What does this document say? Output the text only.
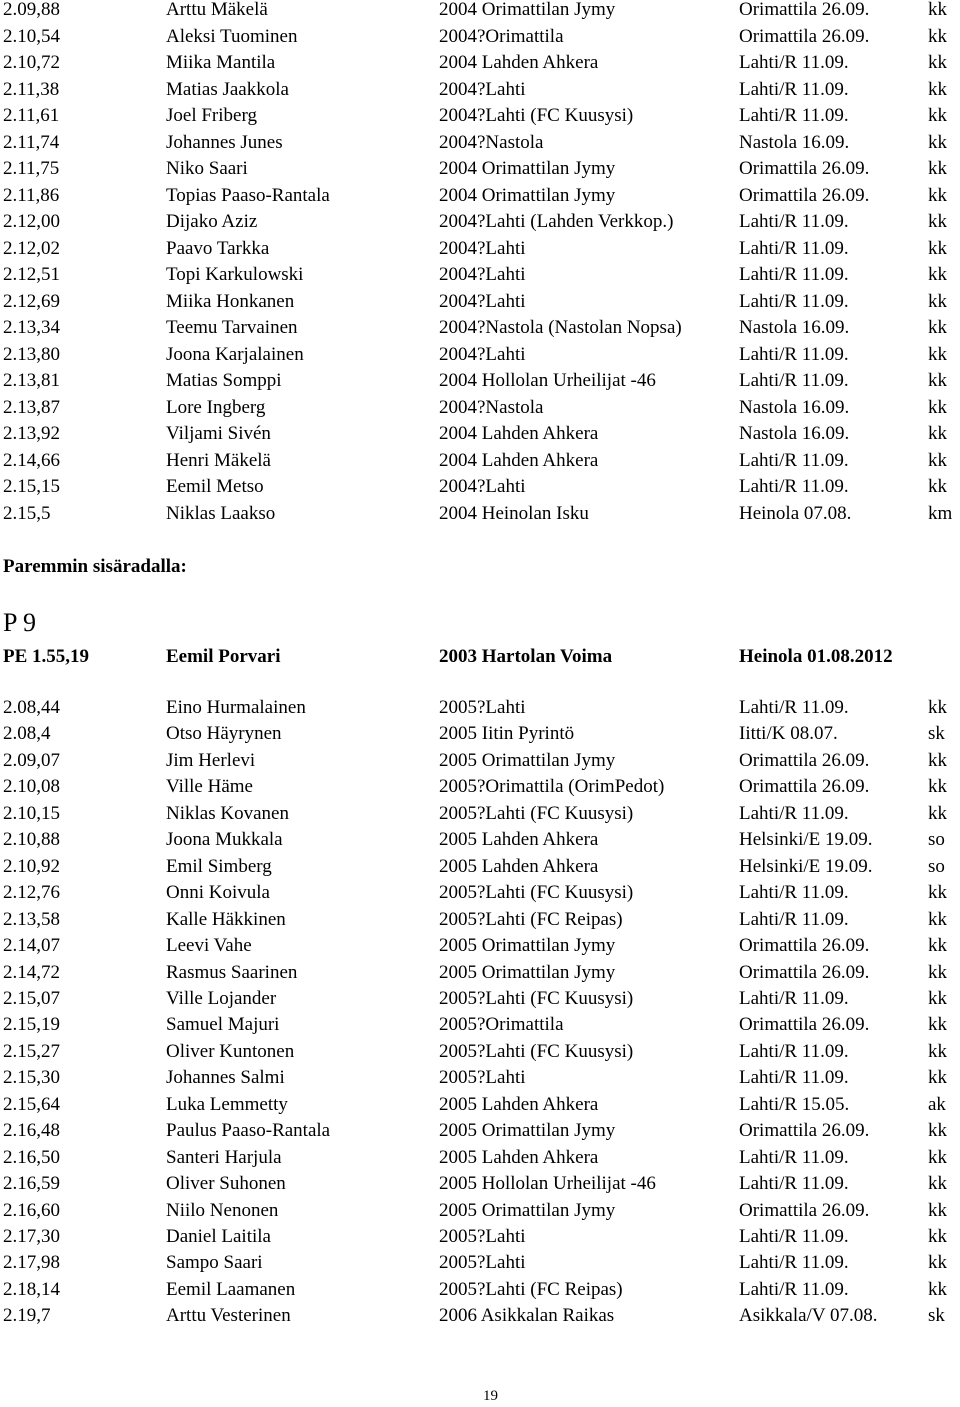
2.09,88	Arttu Mäkelä	2004 Orimattilan Jymy	Orimattila 26.09.	kk
2.10,54	Aleksi Tuominen	2004?Orimattila	Orimattila 26.09.	kk
2.10,72	Miika Mantila	2004 Lahden Ahkera	Lahti/R 11.09.	kk
2.11,38	Matias Jaakkola	2004?Lahti	Lahti/R 11.09.	kk
2.11,61	Joel Friberg	2004?Lahti (FC Kuusysi)	Lahti/R 11.09.	kk
2.11,74	Johannes Junes	2004?Nastola	Nastola 16.09.	kk
2.11,75	Niko Saari	2004 Orimattilan Jymy	Orimattila 26.09.	kk
2.11,86	Topias Paaso-Rantala	2004 Orimattilan Jymy	Orimattila 26.09.	kk
2.12,00	Dijako Aziz	2004?Lahti (Lahden Verkkop.)	Lahti/R 11.09.	kk
2.12,02	Paavo Tarkka	2004?Lahti	Lahti/R 11.09.	kk
2.12,51	Topi Karkulowski	2004?Lahti	Lahti/R 11.09.	kk
2.12,69	Miika Honkanen	2004?Lahti	Lahti/R 11.09.	kk
2.13,34	Teemu Tarvainen	2004?Nastola (Nastolan Nopsa)	Nastola 16.09.	kk
2.13,80	Joona Karjalainen	2004?Lahti	Lahti/R 11.09.	kk
2.13,81	Matias Somppi	2004 Hollolan Urheilijat -46	Lahti/R 11.09.	kk
2.13,87	Lore Ingberg	2004?Nastola	Nastola 16.09.	kk
2.13,92	Viljami Sivén	2004 Lahden Ahkera	Nastola 16.09.	kk
2.14,66	Henri Mäkelä	2004 Lahden Ahkera	Lahti/R 11.09.	kk
2.15,15	Eemil Metso	2004?Lahti	Lahti/R 11.09.	kk
2.15,5	Niklas Laakso	2004 Heinolan Isku	Heinola 07.08.	km
Paremmin sisäradalla:
P 9
PE 1.55,19	Eemil Porvari	2003 Hartolan Voima	Heinola 01.08.2012
2.08,44	Eino Hurmalainen	2005?Lahti	Lahti/R 11.09.	kk
2.08,4	Otso Häyrynen	2005 Iitin Pyrintö	Iitti/K 08.07.	sk
2.09,07	Jim Herlevi	2005 Orimattilan Jymy	Orimattila 26.09.	kk
2.10,08	Ville Häme	2005?Orimattila (OrimPedot)	Orimattila 26.09.	kk
2.10,15	Niklas Kovanen	2005?Lahti (FC Kuusysi)	Lahti/R 11.09.	kk
2.10,88	Joona Mukkala	2005 Lahden Ahkera	Helsinki/E 19.09.	so
2.10,92	Emil Simberg	2005 Lahden Ahkera	Helsinki/E 19.09.	so
2.12,76	Onni Koivula	2005?Lahti (FC Kuusysi)	Lahti/R 11.09.	kk
2.13,58	Kalle Häkkinen	2005?Lahti (FC Reipas)	Lahti/R 11.09.	kk
2.14,07	Leevi Vahe	2005 Orimattilan Jymy	Orimattila 26.09.	kk
2.14,72	Rasmus Saarinen	2005 Orimattilan Jymy	Orimattila 26.09.	kk
2.15,07	Ville Lojander	2005?Lahti (FC Kuusysi)	Lahti/R 11.09.	kk
2.15,19	Samuel Majuri	2005?Orimattila	Orimattila 26.09.	kk
2.15,27	Oliver Kuntonen	2005?Lahti (FC Kuusysi)	Lahti/R 11.09.	kk
2.15,30	Johannes Salmi	2005?Lahti	Lahti/R 11.09.	kk
2.15,64	Luka Lemmetty	2005 Lahden Ahkera	Lahti/R 15.05.	ak
2.16,48	Paulus Paaso-Rantala	2005 Orimattilan Jymy	Orimattila 26.09.	kk
2.16,50	Santeri Harjula	2005 Lahden Ahkera	Lahti/R 11.09.	kk
2.16,59	Oliver Suhonen	2005 Hollolan Urheilijat -46	Lahti/R 11.09.	kk
2.16,60	Niilo Nenonen	2005 Orimattilan Jymy	Orimattila 26.09.	kk
2.17,30	Daniel Laitila	2005?Lahti	Lahti/R 11.09.	kk
2.17,98	Sampo Saari	2005?Lahti	Lahti/R 11.09.	kk
2.18,14	Eemil Laamanen	2005?Lahti (FC Reipas)	Lahti/R 11.09.	kk
2.19,7	Arttu Vesterinen	2006 Asikkalan Raikas	Asikkala/V 07.08.	sk
19
